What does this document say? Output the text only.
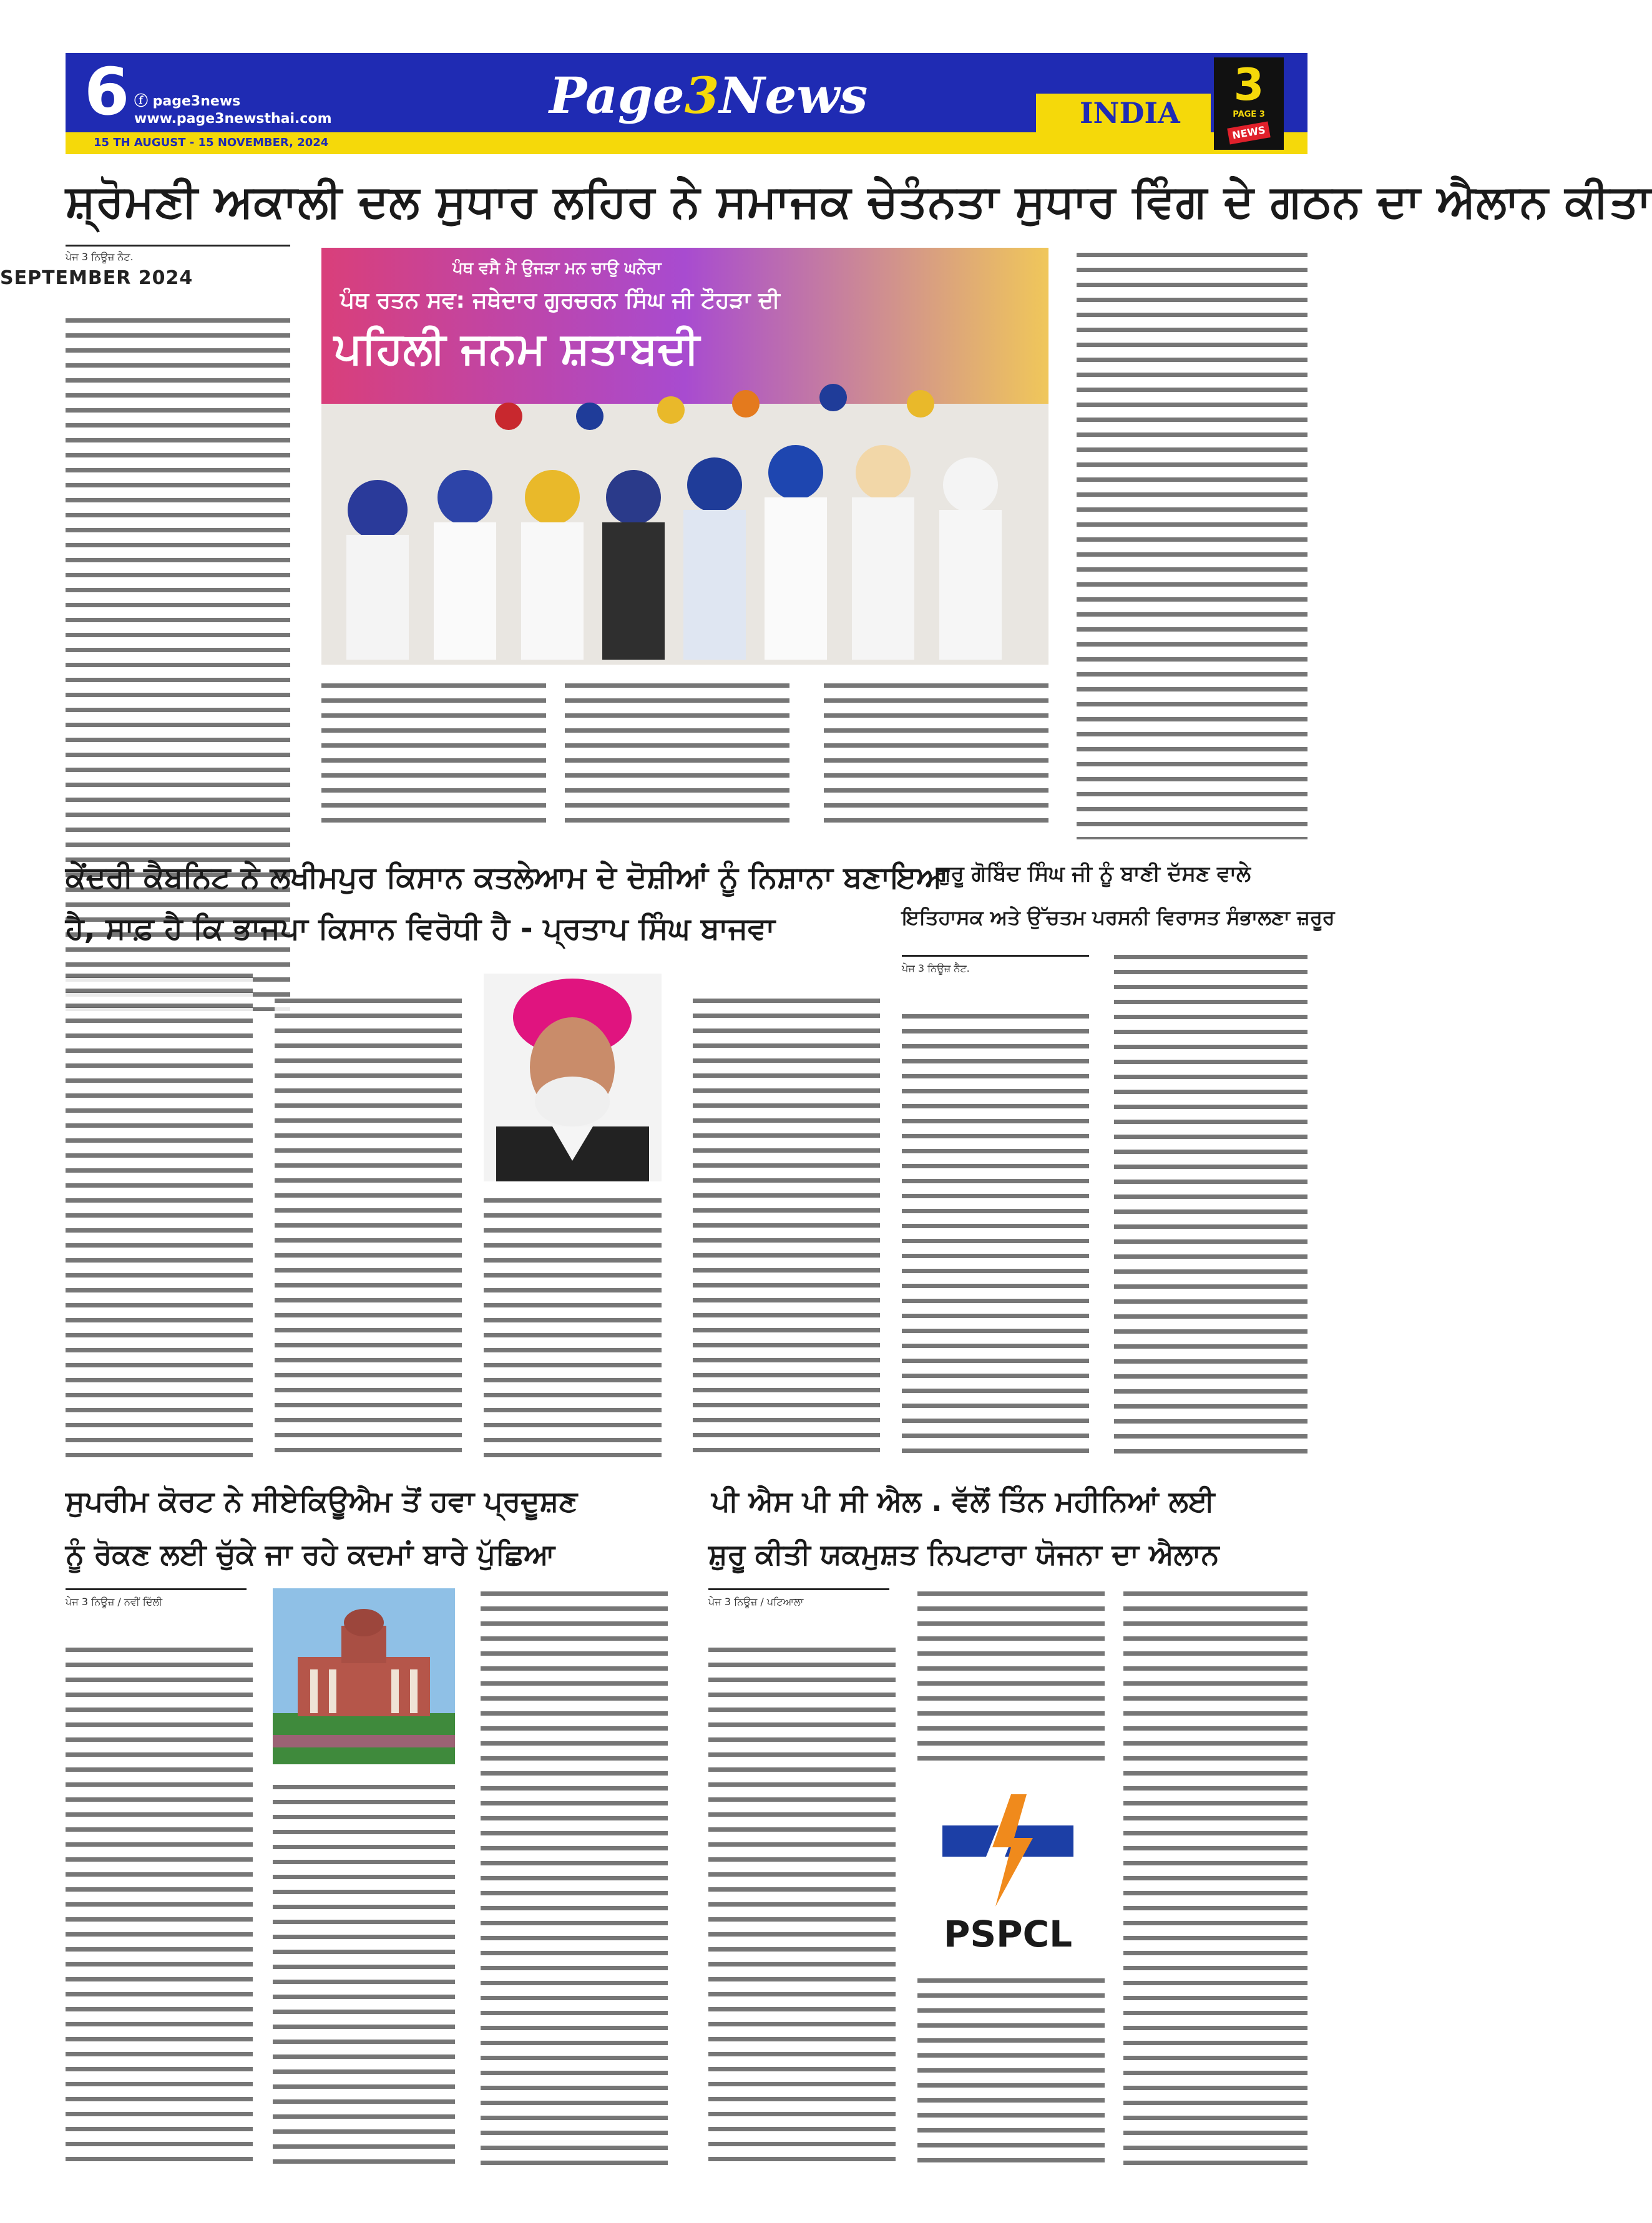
6 ⓕ page3news
www.page3newsthai.com
15 TH AUGUST - 15 NOVEMBER, 2024
Page3News	INDIA
3
PAGE 3
NEWS
ਸ਼੍ਰੋਮਣੀ ਅਕਾਲੀ ਦਲ ਸੁਧਾਰ ਲਹਿਰ ਨੇ ਸਮਾਜਕ ਚੇਤੰਨਤਾ ਸੁਧਾਰ ਵਿੰਗ ਦੇ ਗਠਨ ਦਾ ਐਲਾਨ ਕੀਤਾ
ਪੇਜ 3 ਨਿਊਜ਼ ਨੈਟ.
SEPTEMBER 2024	ਪੰਥ ਵਸੈ ਮੈ ਉਜੜਾ ਮਨ ਚਾਉ ਘਨੇਰਾ
ਪੰਥ ਰਤਨ ਸਵ: ਜਥੇਦਾਰ ਗੁਰਚਰਨ ਸਿੰਘ ਜੀ ਟੌਹੜਾ ਦੀ
ਪਹਿਲੀ ਜਨਮ ਸ਼ਤਾਬਦੀ
ਕੇਂਦਰੀ ਕੈਬਨਿਟ ਨੇ ਲਖੀਮਪੁਰ ਕਿਸਾਨ ਕਤਲੇਆਮ ਦੇ ਦੋਸ਼ੀਆਂ ਨੂੰ ਨਿਸ਼ਾਨਾ ਬਣਾਇਆ
ਹੈ, ਸਾਫ਼ ਹੈ ਕਿ ਭਾਜਪਾ ਕਿਸਾਨ ਵਿਰੋਧੀ ਹੈ - ਪ੍ਰਤਾਪ ਸਿੰਘ ਬਾਜਵਾ
ਗੁਰੂ ਗੋਬਿੰਦ ਸਿੰਘ ਜੀ ਨੂੰ ਬਾਣੀ ਦੱਸਣ ਵਾਲੇ
ਇਤਿਹਾਸਕ ਅਤੇ ਉੱਚਤਮ ਪਰਸਨੀ ਵਿਰਾਸਤ ਸੰਭਾਲਣਾ ਜ਼ਰੂਰ
ਪੇਜ 3 ਨਿਊਜ਼ ਨੈਟ.
ਸੁਪਰੀਮ ਕੋਰਟ ਨੇ ਸੀਏਕਿਊਐਮ ਤੋਂ ਹਵਾ ਪ੍ਰਦੂਸ਼ਣ
ਨੂੰ ਰੋਕਣ ਲਈ ਚੁੱਕੇ ਜਾ ਰਹੇ ਕਦਮਾਂ ਬਾਰੇ ਪੁੱਛਿਆ
ਪੇਜ 3 ਨਿਊਜ਼ / ਨਵੀਂ ਦਿੱਲੀ
ਪੀ ਐਸ ਪੀ ਸੀ ਐਲ . ਵੱਲੋਂ ਤਿੰਨ ਮਹੀਨਿਆਂ ਲਈ
ਸ਼ੁਰੂ ਕੀਤੀ ਯਕਮੁਸ਼ਤ ਨਿਪਟਾਰਾ ਯੋਜਨਾ ਦਾ ਐਲਾਨ
ਪੇਜ 3 ਨਿਊਜ਼ / ਪਟਿਆਲਾ
PSPCL
